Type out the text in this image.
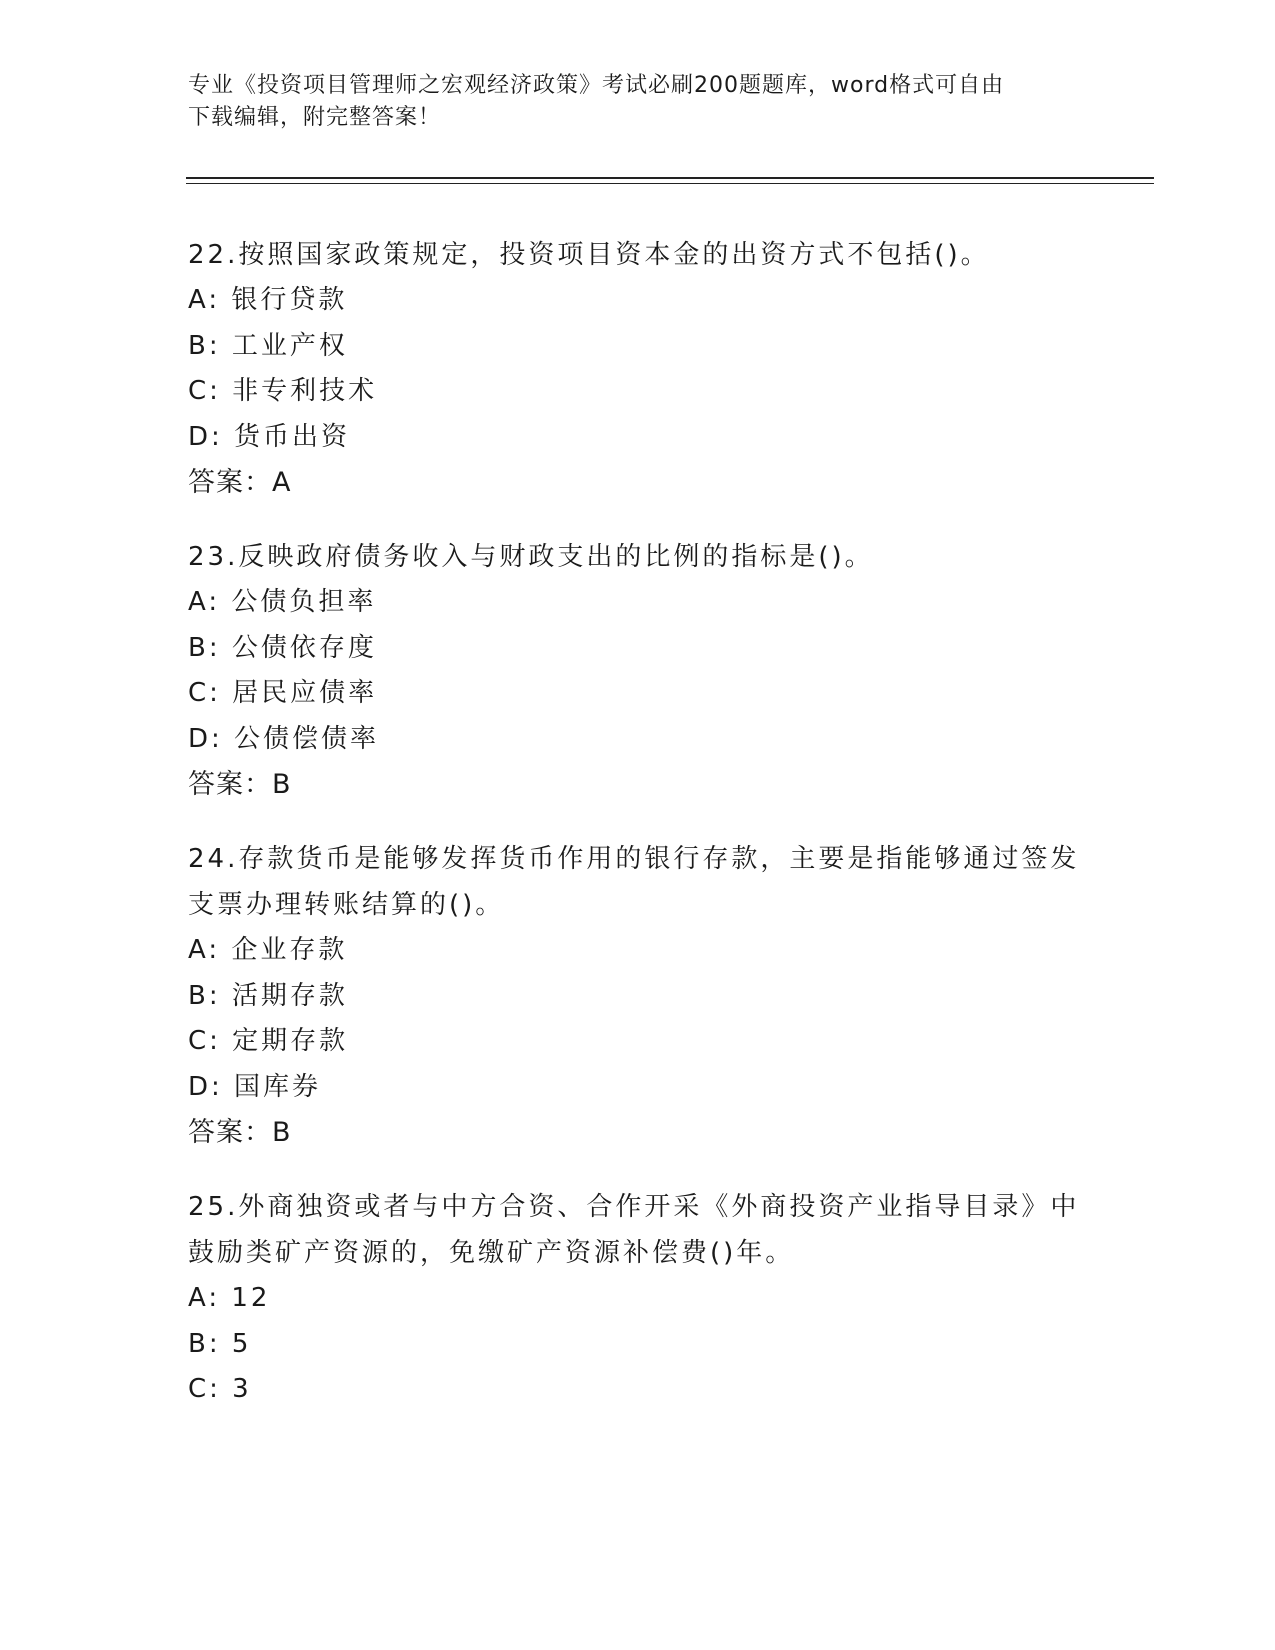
专业《投资项目管理师之宏观经济政策》考试必刷200题题库，word格式可自由
下载编辑，附完整答案！

22.按照国家政策规定，投资项目资本金的出资方式不包括()。

A: 银行贷款

B: 工业产权

C: 非专利技术

D: 货币出资

答案：A

23.反映政府债务收入与财政支出的比例的指标是()。

A: 公债负担率

B: 公债依存度

C: 居民应债率

D: 公债偿债率

答案：B

24.存款货币是能够发挥货币作用的银行存款，主要是指能够通过签发

支票办理转账结算的()。

A: 企业存款

B: 活期存款

C: 定期存款

D: 国库券

答案：B

25.外商独资或者与中方合资、合作开采《外商投资产业指导目录》中

鼓励类矿产资源的，免缴矿产资源补偿费()年。

A: 12

B: 5

C: 3
